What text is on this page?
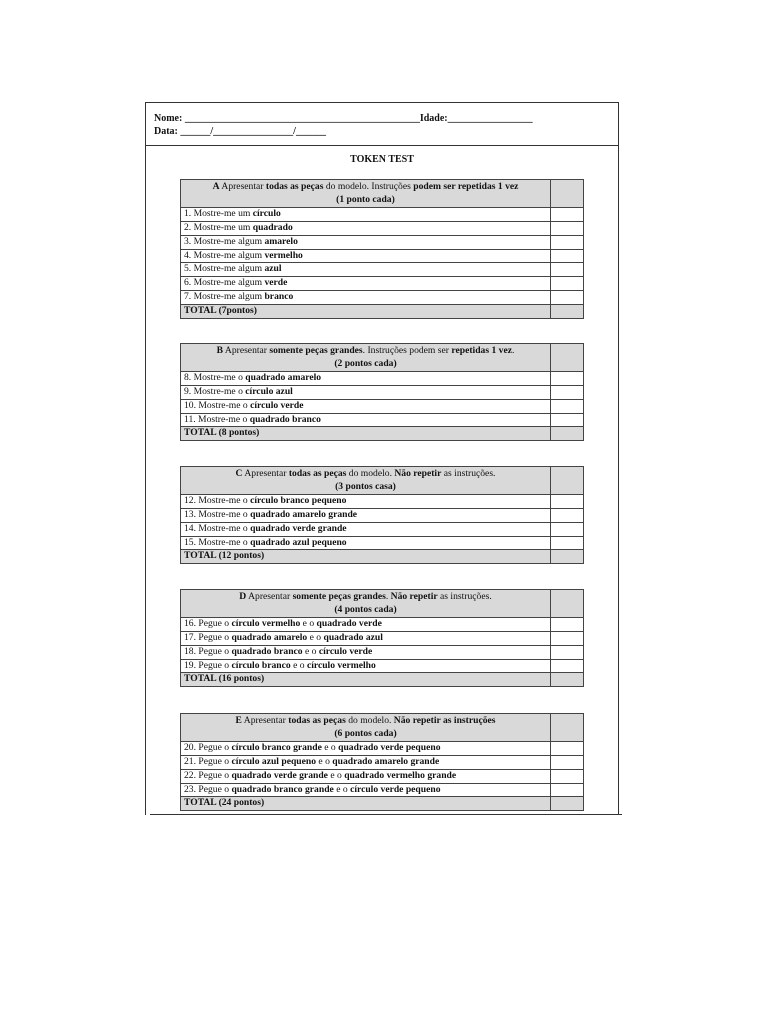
Nome: _______________________________________________Idade:_________________
Data: ______/________________/______
TOKEN TEST
A Apresentar todas as peças do modelo. Instruções podem ser repetidas 1 vez
(1 ponto cada)	
1. Mostre-me um círculo	
2. Mostre-me um quadrado	
3. Mostre-me algum amarelo	
4. Mostre-me algum vermelho	
5. Mostre-me algum azul	
6. Mostre-me algum verde	
7. Mostre-me algum branco	
TOTAL (7pontos)	
B Apresentar somente peças grandes. Instruções podem ser repetidas 1 vez.
(2 pontos cada)	
8. Mostre-me o quadrado amarelo	
9. Mostre-me o círculo azul	
10. Mostre-me o círculo verde	
11. Mostre-me o quadrado branco	
TOTAL (8 pontos)	
C Apresentar todas as peças do modelo. Não repetir as instruções.
(3 pontos casa)	
12. Mostre-me o círculo branco pequeno	
13. Mostre-me o quadrado amarelo grande	
14. Mostre-me o quadrado verde grande	
15. Mostre-me o quadrado azul pequeno	
TOTAL (12 pontos)	
D Apresentar somente peças grandes. Não repetir as instruções.
(4 pontos cada)	
16. Pegue o círculo vermelho e o quadrado verde	
17. Pegue o quadrado amarelo e o quadrado azul	
18. Pegue o quadrado branco e o círculo verde	
19. Pegue o círculo branco e o círculo vermelho	
TOTAL (16 pontos)	
E Apresentar todas as peças do modelo. Não repetir as instruções
(6 pontos cada)	
20. Pegue o círculo branco grande e o quadrado verde pequeno	
21. Pegue o círculo azul pequeno e o quadrado amarelo grande	
22. Pegue o quadrado verde grande e o quadrado vermelho grande	
23. Pegue o quadrado branco grande e o círculo verde pequeno	
TOTAL (24 pontos)	
